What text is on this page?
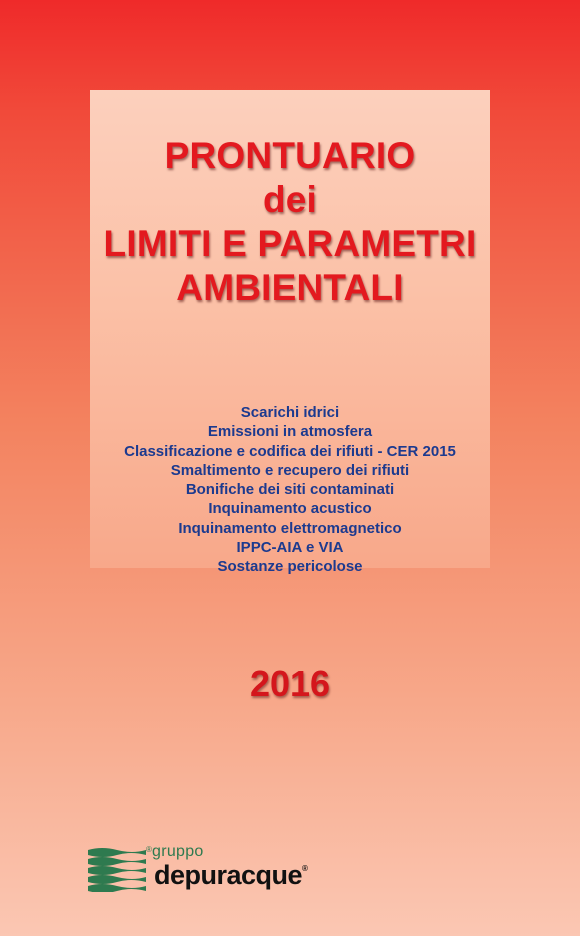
PRONTUARIO
dei
LIMITI E PARAMETRI
AMBIENTALI
Scarichi idrici
Emissioni in atmosfera
Classificazione e codifica dei rifiuti - CER 2015
Smaltimento e recupero dei rifiuti
Bonifiche dei siti contaminati
Inquinamento acustico
Inquinamento elettromagnetico
IPPC-AIA e VIA
Sostanze pericolose
2016
® gruppo
depuracque®
